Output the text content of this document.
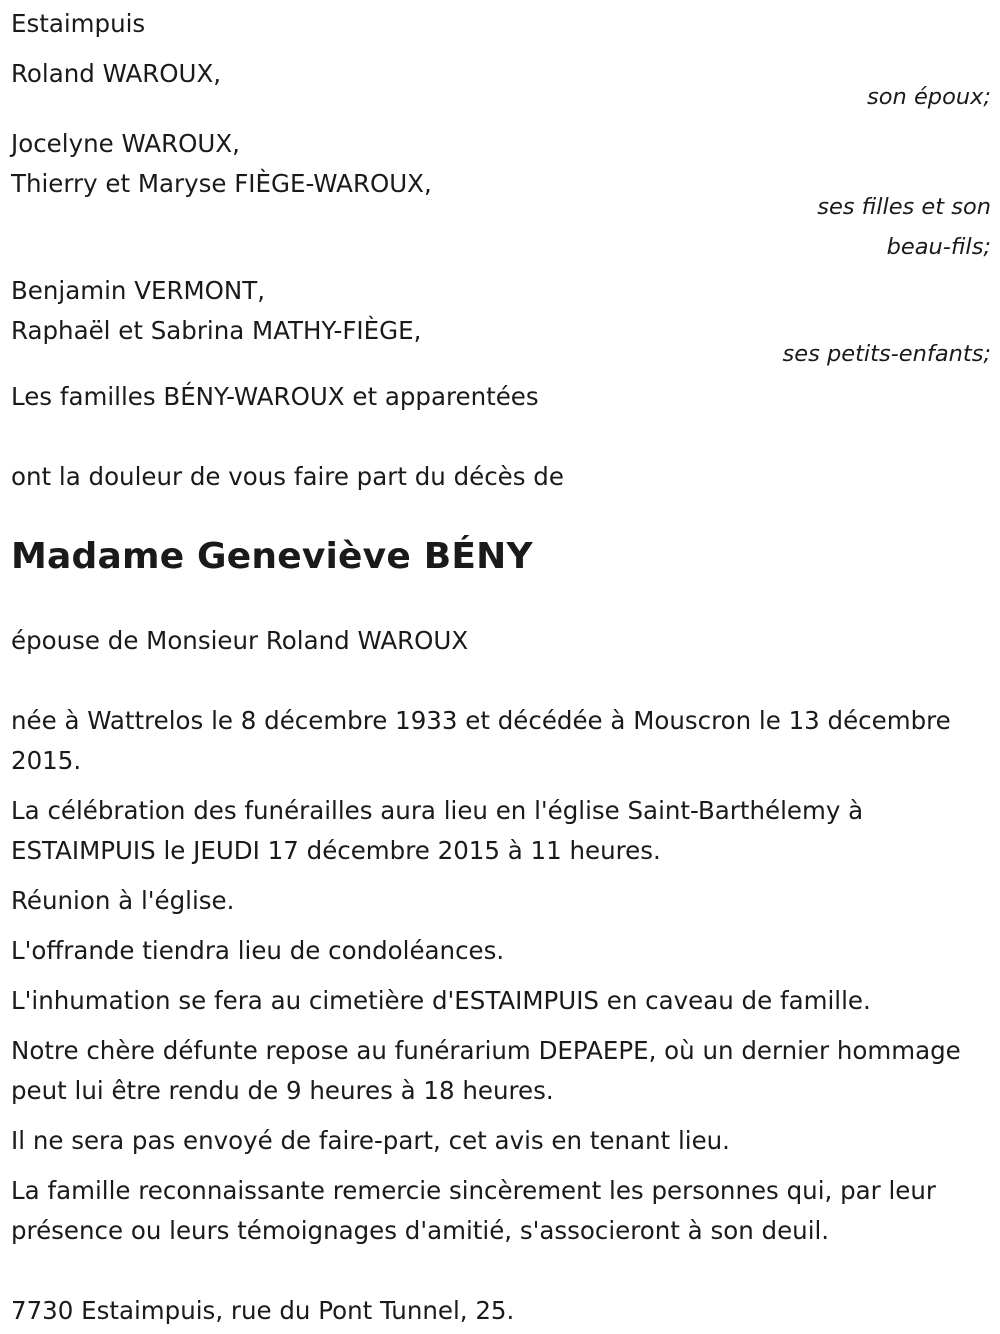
Estaimpuis
Roland WAROUX,
son époux;
Jocelyne WAROUX,
Thierry et Maryse FIÈGE-WAROUX,
ses filles et son
beau-fils;
Benjamin VERMONT,
Raphaël et Sabrina MATHY-FIÈGE,
ses petits-enfants;
Les familles BÉNY-WAROUX et apparentées
ont la douleur de vous faire part du décès de
Madame Geneviève BÉNY
épouse de Monsieur Roland WAROUX
née à Wattrelos le 8 décembre 1933 et décédée à Mouscron le 13 décembre 2015.
La célébration des funérailles aura lieu en l'église Saint-Barthélemy à ESTAIMPUIS le JEUDI 17 décembre 2015 à 11 heures.
Réunion à l'église.
L'offrande tiendra lieu de condoléances.
L'inhumation se fera au cimetière d'ESTAIMPUIS en caveau de famille.
Notre chère défunte repose au funérarium DEPAEPE, où un dernier hommage peut lui être rendu de 9 heures à 18 heures.
Il ne sera pas envoyé de faire-part, cet avis en tenant lieu.
La famille reconnaissante remercie sincèrement les personnes qui, par leur présence ou leurs témoignages d'amitié, s'associeront à son deuil.
7730 Estaimpuis, rue du Pont Tunnel, 25.
